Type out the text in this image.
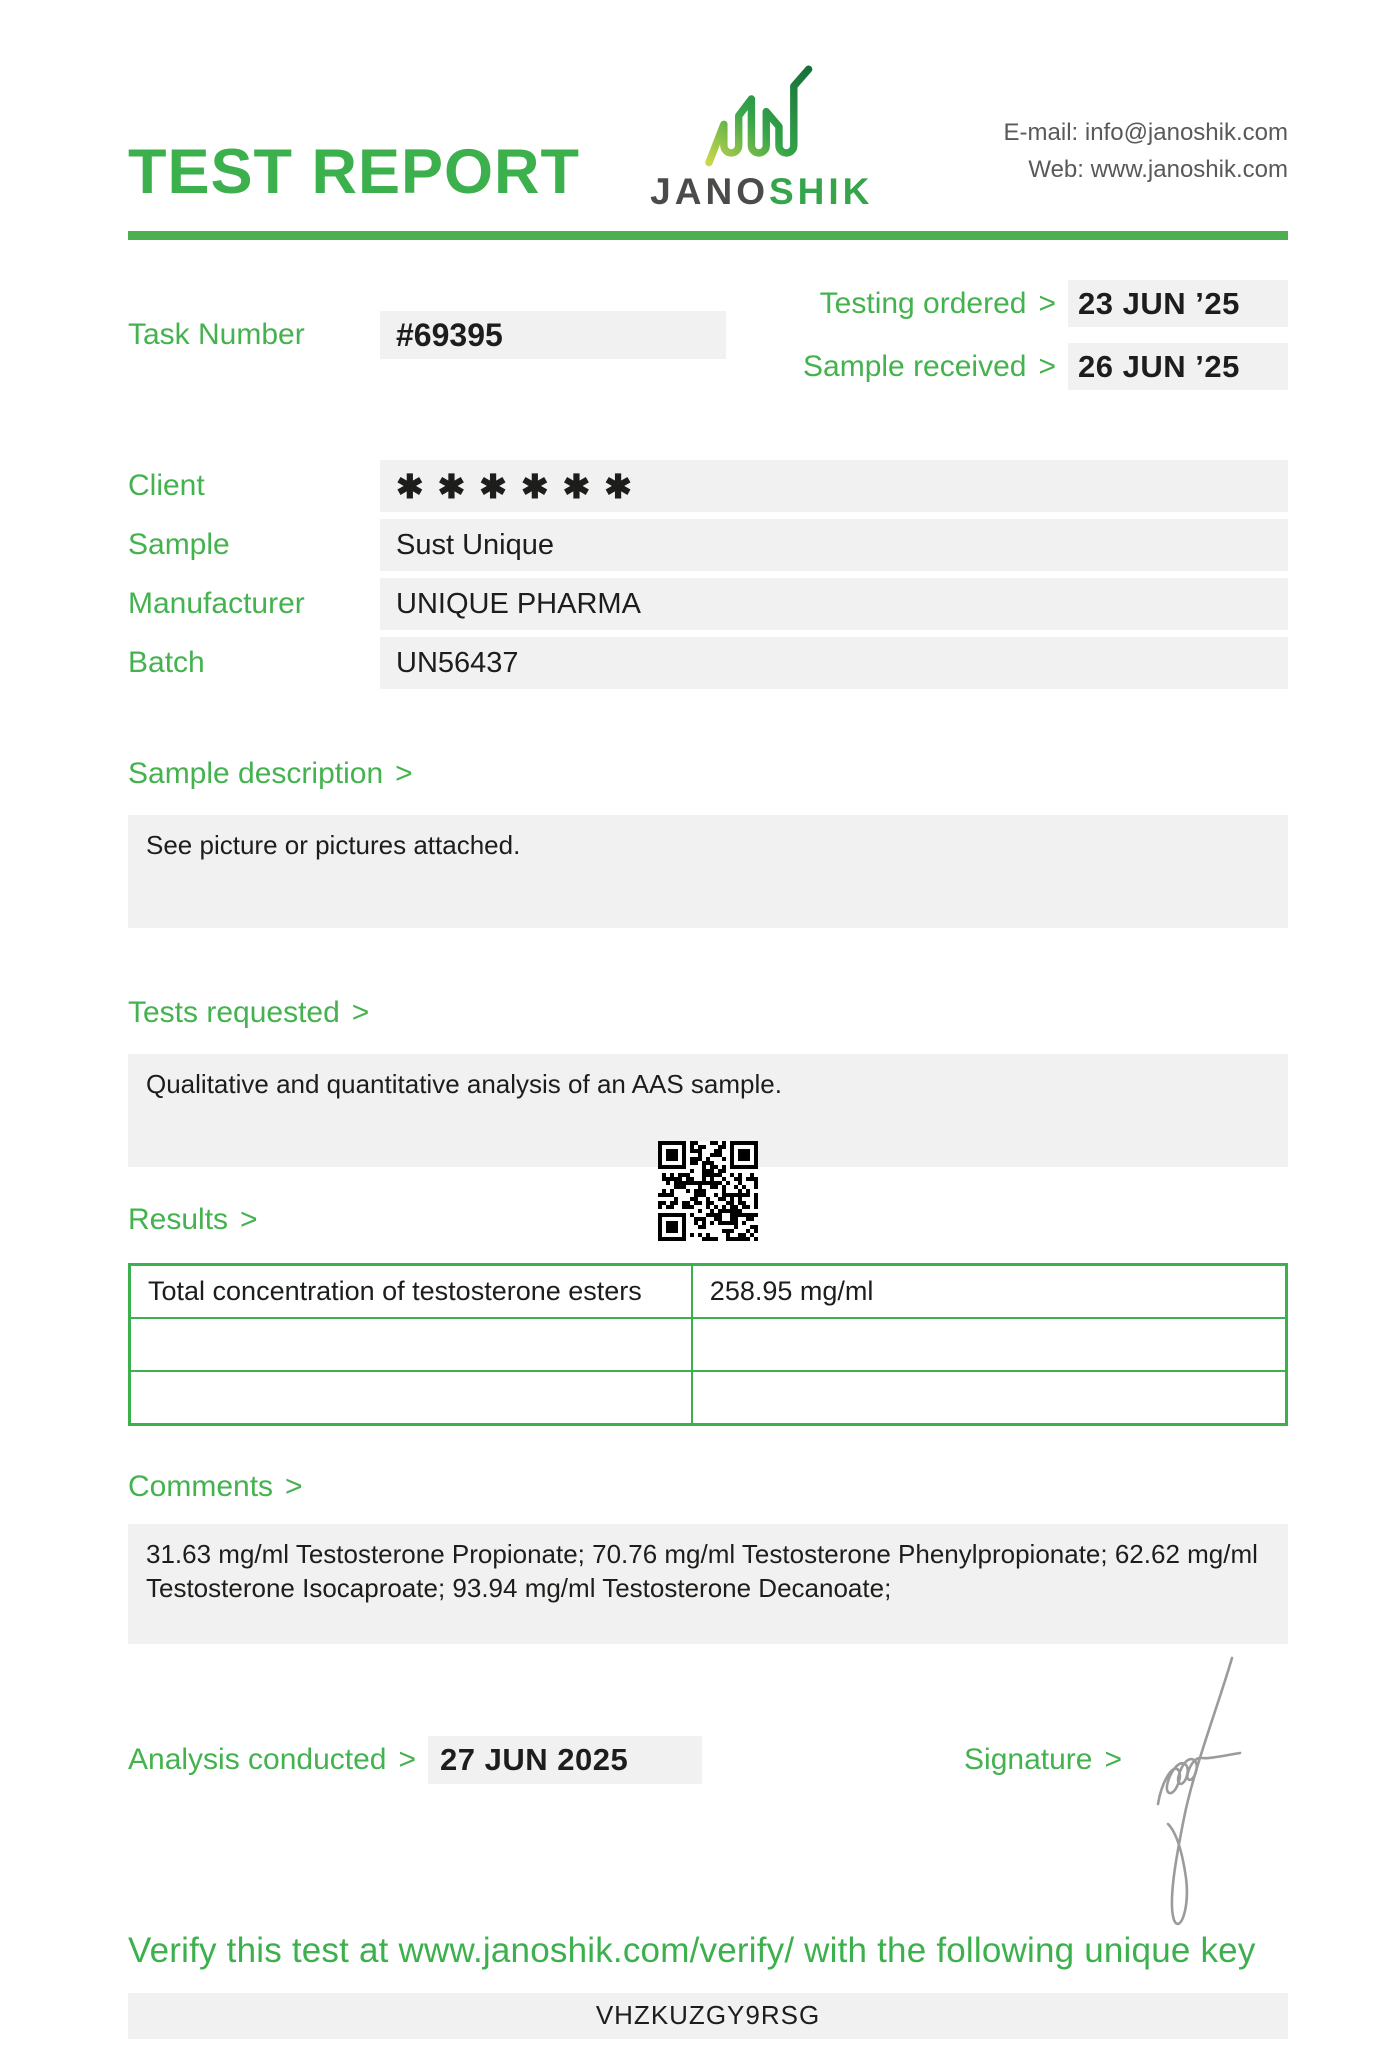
TEST REPORT JANOSHIK
E-mail: info@janoshik.com
Web: www.janoshik.com
Task Number	#69395
Testing ordered > 23 JUN ’25
Sample received > 26 JUN ’25
Client	✱✱✱✱✱✱
Sample	Sust Unique
Manufacturer	UNIQUE PHARMA
Batch	UN56437
Sample description >
See picture or pictures attached.
Tests requested >
Qualitative and quantitative analysis of an AAS sample.
Results >
Total concentration of testosterone esters	258.95 mg/ml

Comments >
31.63 mg/ml Testosterone Propionate; 70.76 mg/ml Testosterone Phenylpropionate; 62.62 mg/ml Testosterone Isocaproate; 93.94 mg/ml Testosterone Decanoate;
Analysis conducted > 27 JUN 2025	Signature >
Verify this test at www.janoshik.com/verify/ with the following unique key
VHZKUZGY9RSG
